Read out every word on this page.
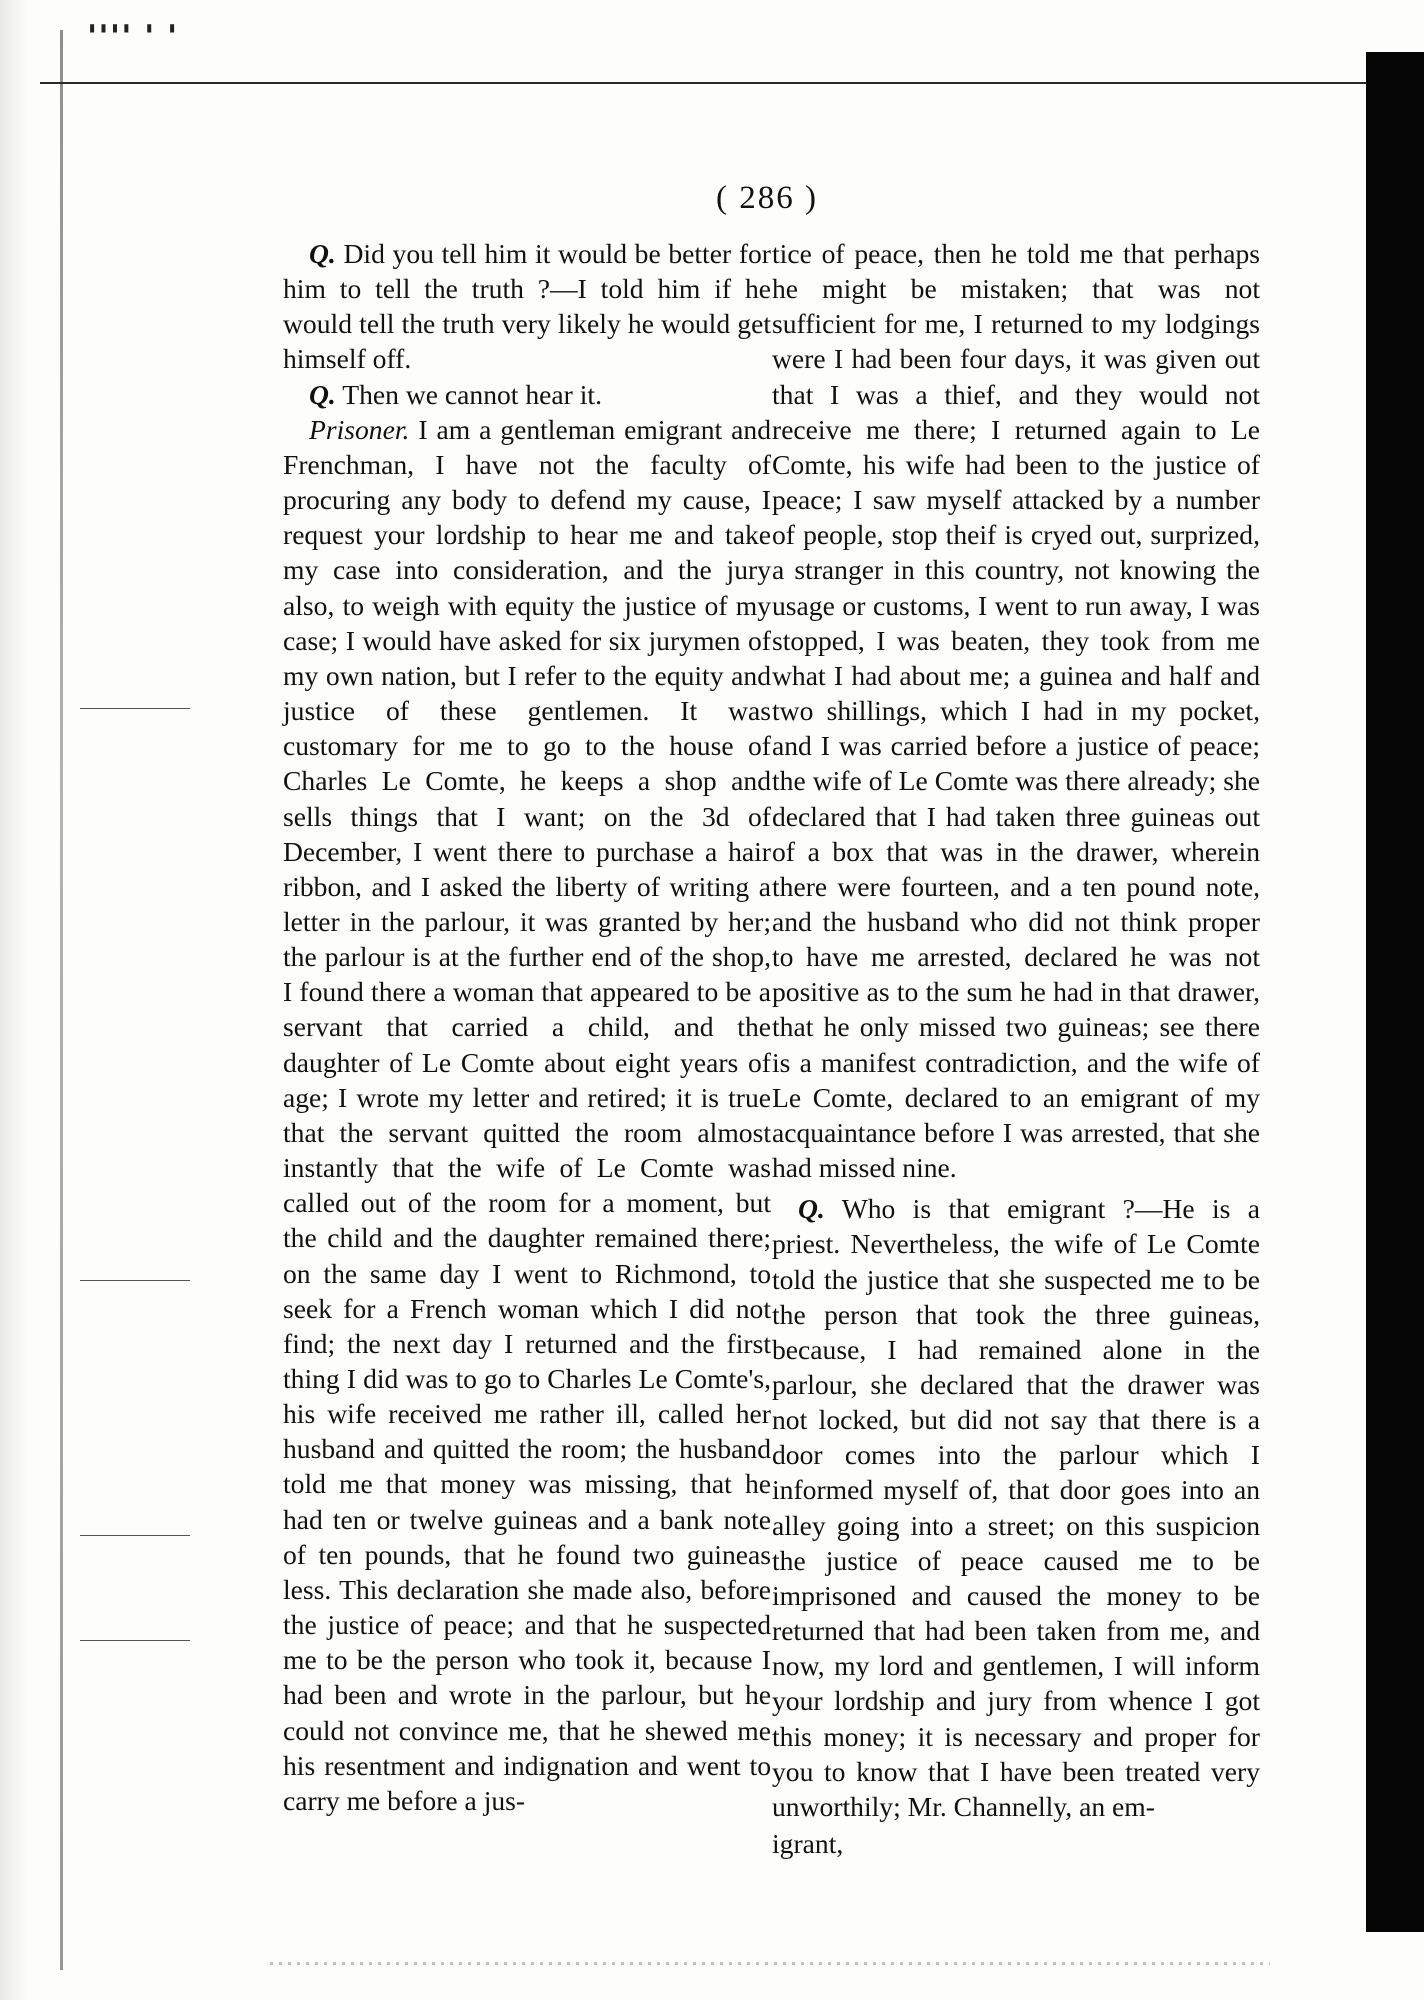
▮▮▮▮ ▮ ▮
( 286 )

Q. Did you tell him it would be better for him to tell the truth ?—I told him if he would tell the truth very likely he would get himself off.

Q. Then we cannot hear it.

Prisoner. I am a gentleman emigrant and Frenchman, I have not the faculty of procuring any body to defend my cause, I request your lordship to hear me and take my case into consideration, and the jury also, to weigh with equity the justice of my case; I would have asked for six jurymen of my own nation, but I refer to the equity and justice of these gentlemen. It was customary for me to go to the house of Charles Le Comte, he keeps a shop and sells things that I want; on the 3d of December, I went there to purchase a hair ribbon, and I asked the liberty of writing a letter in the parlour, it was granted by her; the parlour is at the further end of the shop, I found there a woman that appeared to be a servant that carried a child, and the daughter of Le Comte about eight years of age; I wrote my letter and retired; it is true that the servant quitted the room almost instantly that the wife of Le Comte was called out of the room for a moment, but the child and the daughter remained there; on the same day I went to Richmond, to seek for a French woman which I did not find; the next day I returned and the first thing I did was to go to Charles Le Comte's, his wife received me rather ill, called her husband and quitted the room; the husband told me that money was missing, that he had ten or twelve guineas and a bank note of ten pounds, that he found two guineas less. This declaration she made also, before the justice of peace; and that he suspected me to be the person who took it, because I had been and wrote in the parlour, but he could not convince me, that he shewed me his resentment and indignation and went to carry me before a jus-

tice of peace, then he told me that perhaps he might be mistaken; that was not sufficient for me, I returned to my lodgings were I had been four days, it was given out that I was a thief, and they would not receive me there; I returned again to Le Comte, his wife had been to the justice of peace; I saw myself attacked by a number of people, stop theif is cryed out, surprized, a stranger in this country, not knowing the usage or customs, I went to run away, I was stopped, I was beaten, they took from me what I had about me; a guinea and half and two shillings, which I had in my pocket, and I was carried before a justice of peace; the wife of Le Comte was there already; she declared that I had taken three guineas out of a box that was in the drawer, wherein there were fourteen, and a ten pound note, and the husband who did not think proper to have me arrested, declared he was not positive as to the sum he had in that drawer, that he only missed two guineas; see there is a manifest contradiction, and the wife of Le Comte, declared to an emigrant of my acquaintance before I was arrested, that she had missed nine.

Q. Who is that emigrant ?—He is a priest. Nevertheless, the wife of Le Comte told the justice that she suspected me to be the person that took the three guineas, because, I had remained alone in the parlour, she declared that the drawer was not locked, but did not say that there is a door comes into the parlour which I informed myself of, that door goes into an alley going into a street; on this suspicion the justice of peace caused me to be imprisoned and caused the money to be returned that had been taken from me, and now, my lord and gentlemen, I will inform your lordship and jury from whence I got this money; it is necessary and proper for you to know that I have been treated very unworthily; Mr. Channelly, an em-

igrant,
